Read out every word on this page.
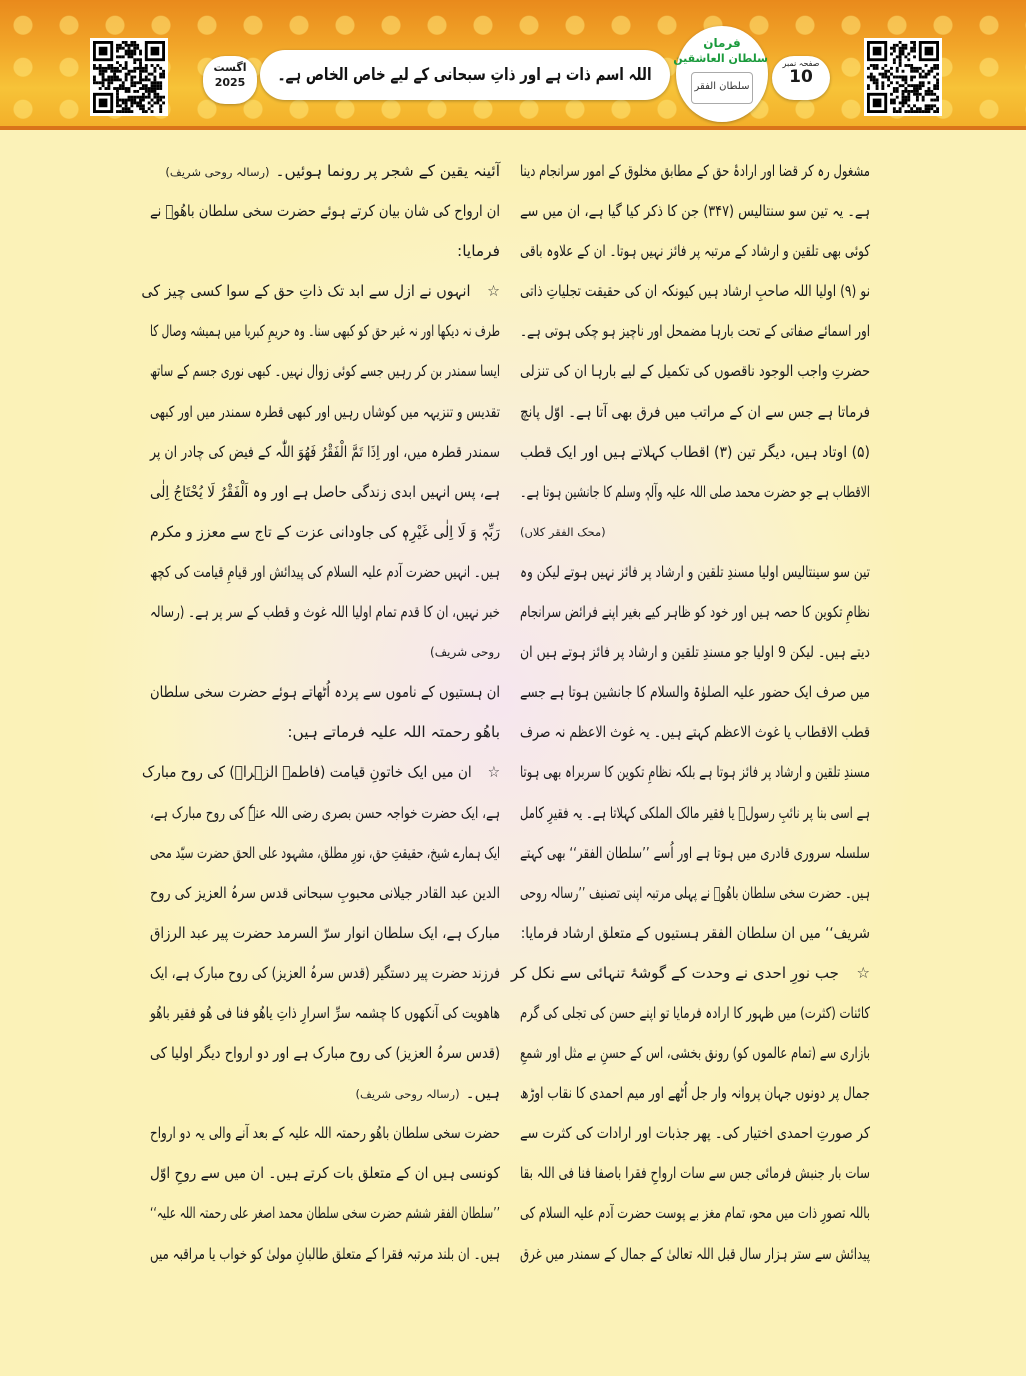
اگست
2025	اللہ اسم ذات ہے اور ذاتِ سبحانی کے لیے خاص الخاص ہے۔
فرمان
سلطان العاشقین
سلطان الفقر
صفحہ نمبر
10
مشغول رہ کر قضا اور ارادۂ حق کے مطابق مخلوق کے امور سرانجام دینا
ہے۔ یہ تین سو سنتالیس (۳۴۷) جن کا ذکر کیا گیا ہے، ان میں سے
کوئی بھی تلقین و ارشاد کے مرتبہ پر فائز نہیں ہوتا۔ ان کے علاوہ باقی
نو (۹) اولیا اللہ صاحبِ ارشاد ہیں کیونکہ ان کی حقیقت تجلیاتِ ذاتی
اور اسمائے صفاتی کے تحت بارہا مضمحل اور ناچیز ہو چکی ہوتی ہے۔
حضرتِ واجب الوجود ناقصوں کی تکمیل کے لیے بارہا ان کی تنزلی
فرماتا ہے جس سے ان کے مراتب میں فرق بھی آتا ہے۔ اوّل پانچ
(۵) اوتاد ہیں، دیگر تین (۳) اقطاب کہلاتے ہیں اور ایک قطب
الاقطاب ہے جو حضرت محمد صلی اللہ علیہ وآلہٖ وسلم کا جانشین ہوتا ہے۔
(محک الفقر کلاں)
تین سو سینتالیس اولیا مسندِ تلقین و ارشاد پر فائز نہیں ہوتے لیکن وہ
نظامِ تکوین کا حصہ ہیں اور خود کو ظاہر کیے بغیر اپنے فرائض سرانجام
دیتے ہیں۔ لیکن 9 اولیا جو مسندِ تلقین و ارشاد پر فائز ہوتے ہیں ان
میں صرف ایک حضور علیہ الصلوٰۃ والسلام کا جانشین ہوتا ہے جسے
قطب الاقطاب یا غوث الاعظم کہتے ہیں۔ یہ غوث الاعظم نہ صرف
مسندِ تلقین و ارشاد پر فائز ہوتا ہے بلکہ نظامِ تکوین کا سربراہ بھی ہوتا
ہے اسی بنا پر نائبِ رسولؐ یا فقیر مالک الملکی کہلاتا ہے۔ یہ فقیرِ کامل
سلسلہ سروری قادری میں ہوتا ہے اور اُسے ’’سلطان الفقر‘‘ بھی کہتے
ہیں۔ حضرت سخی سلطان باھُوؒ نے پہلی مرتبہ اپنی تصنیف ’’رسالہ روحی
شریف‘‘ میں ان سلطان الفقر ہستیوں کے متعلق ارشاد فرمایا:
☆جب نورِ احدی نے وحدت کے گوشۂ تنہائی سے نکل کر
کائنات (کثرت) میں ظہور کا ارادہ فرمایا تو اپنے حسن کی تجلی کی گرم
بازاری سے (تمام عالموں کو) رونق بخشی، اس کے حسنِ بے مثل اور شمعِ
جمال پر دونوں جہان پروانہ وار جل اُٹھے اور میم احمدی کا نقاب اوڑھ
کر صورتِ احمدی اختیار کی۔ پھر جذبات اور ارادات کی کثرت سے
سات بار جنبش فرمائی جس سے سات ارواحِ فقرا باصفا فنا فی اللہ بقا
باللہ تصورِ ذات میں محو، تمام مغز بے پوست حضرت آدم علیہ السلام کی
پیدائش سے ستر ہزار سال قبل اللہ تعالیٰ کے جمال کے سمندر میں غرق
آئینہ یقین کے شجر پر رونما ہوئیں۔(رسالہ روحی شریف)
ان ارواح کی شان بیان کرتے ہوئے حضرت سخی سلطان باھُوؒ نے
فرمایا:
☆انہوں نے ازل سے ابد تک ذاتِ حق کے سوا کسی چیز کی
طرف نہ دیکھا اور نہ غیر حق کو کبھی سنا۔ وہ حریمِ کبریا میں ہمیشہ وصال کا
ایسا سمندر بن کر رہیں جسے کوئی زوال نہیں۔ کبھی نوری جسم کے ساتھ
تقدیس و تنزیہہ میں کوشاں رہیں اور کبھی قطرہ سمندر میں اور کبھی
سمندر قطرہ میں، اور اِذَا تَمَّ الْفَقْرُ فَھُوَ اللّٰہ کے فیض کی چادر ان پر
ہے، پس انہیں ابدی زندگی حاصل ہے اور وہ اَلْفَقْرُ لَا یُحْتَاجُ اِلٰی
رَبِّہٖ وَ لَا اِلٰی غَیْرِہٖ کی جاودانی عزت کے تاج سے معزز و مکرم
ہیں۔ انہیں حضرت آدم علیہ السلام کی پیدائش اور قیامِ قیامت کی کچھ
خبر نہیں، ان کا قدم تمام اولیا اللہ غوث و قطب کے سر پر ہے۔ (رسالہ
روحی شریف)
ان ہستیوں کے ناموں سے پردہ اُٹھاتے ہوئے حضرت سخی سلطان
باھُو رحمتہ اللہ علیہ فرماتے ہیں:
☆ان میں ایک خاتونِ قیامت (فاطمۃ الزہراؓ) کی روح مبارک
ہے، ایک حضرت خواجہ حسن بصری رضی اللہ عنہٗ کی روح مبارک ہے،
ایک ہمارے شیخ، حقیقتِ حق، نورِ مطلق، مشہود علی الحق حضرت سیّد محی
الدین عبد القادر جیلانی محبوبِ سبحانی قدس سرہُ العزیز کی روح
مبارک ہے، ایک سلطان انوار سرّ السرمد حضرت پیر عبد الرزاق
فرزند حضرت پیر دستگیر (قدس سرہُ العزیز) کی روح مبارک ہے، ایک
ھاھویت کی آنکھوں کا چشمہ سرِّ اسرارِ ذاتِ یاھُو فنا فی ھُو فقیر باھُو
(قدس سرہُ العزیز) کی روح مبارک ہے اور دو ارواح دیگر اولیا کی
ہیں۔(رسالہ روحی شریف)
حضرت سخی سلطان باھُو رحمتہ اللہ علیہ کے بعد آنے والی یہ دو ارواح
کونسی ہیں ان کے متعلق بات کرتے ہیں۔ ان میں سے روحِ اوّل
’’سلطان الفقر ششم حضرت سخی سلطان محمد اصغر علی رحمتہ اللہ علیہ‘‘
ہیں۔ ان بلند مرتبہ فقرا کے متعلق طالبانِ مولیٰ کو خواب یا مراقبہ میں
